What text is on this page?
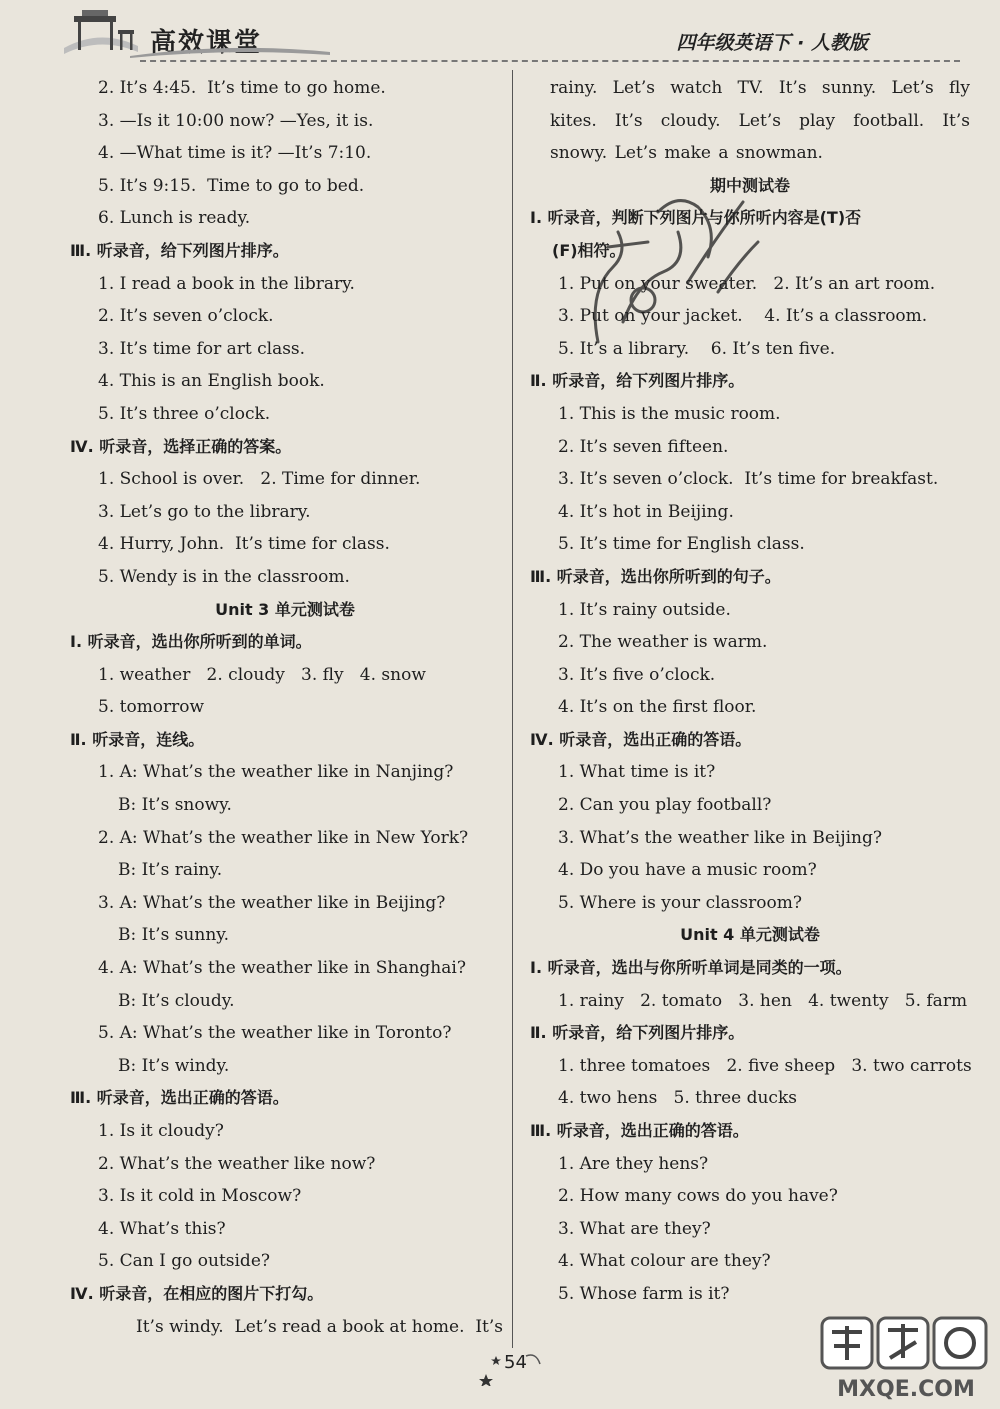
高效课堂	四年级英语下 · 人教版
2. It’s 4:45.  It’s time to go home.
3. —Is it 10:00 now? —Yes, it is.
4. —What time is it? —It’s 7:10.
5. It’s 9:15.  Time to go to bed.
6. Lunch is ready.
Ⅲ. 听录音，给下列图片排序。
1. I read a book in the library.
2. It’s seven o’clock.
3. It’s time for art class.
4. This is an English book.
5. It’s three o’clock.
Ⅳ. 听录音，选择正确的答案。
1. School is over.   2. Time for dinner.
3. Let’s go to the library.
4. Hurry, John.  It’s time for class.
5. Wendy is in the classroom.
Unit 3 单元测试卷
Ⅰ. 听录音，选出你所听到的单词。
1. weather   2. cloudy   3. fly   4. snow
5. tomorrow
Ⅱ. 听录音，连线。
1. A: What’s the weather like in Nanjing?
B: It’s snowy.
2. A: What’s the weather like in New York?
B: It’s rainy.
3. A: What’s the weather like in Beijing?
B: It’s sunny.
4. A: What’s the weather like in Shanghai?
B: It’s cloudy.
5. A: What’s the weather like in Toronto?
B: It’s windy.
Ⅲ. 听录音，选出正确的答语。
1. Is it cloudy?
2. What’s the weather like now?
3. Is it cold in Moscow?
4. What’s this?
5. Can I go outside?
Ⅳ. 听录音，在相应的图片下打勾。
It’s windy.  Let’s read a book at home.  It’s
rainy. Let’s watch TV. It’s sunny. Let’s fly
kites. It’s cloudy. Let’s play football. It’s
snowy. Let’s make a snowman.
期中测试卷
Ⅰ. 听录音，判断下列图片与你所听内容是(T)否
(F)相符。
1. Put on your sweater.   2. It’s an art room.
3. Put on your jacket.    4. It’s a classroom.
5. It’s a library.    6. It’s ten five.
Ⅱ. 听录音，给下列图片排序。
1. This is the music room.
2. It’s seven fifteen.
3. It’s seven o’clock.  It’s time for breakfast.
4. It’s hot in Beijing.
5. It’s time for English class.
Ⅲ. 听录音，选出你所听到的句子。
1. It’s rainy outside.
2. The weather is warm.
3. It’s five o’clock.
4. It’s on the first floor.
Ⅳ. 听录音，选出正确的答语。
1. What time is it?
2. Can you play football?
3. What’s the weather like in Beijing?
4. Do you have a music room?
5. Where is your classroom?
Unit 4 单元测试卷
Ⅰ. 听录音，选出与你所听单词是同类的一项。
1. rainy   2. tomato   3. hen   4. twenty   5. farm
Ⅱ. 听录音，给下列图片排序。
1. three tomatoes   2. five sheep   3. two carrots
4. two hens   5. three ducks
Ⅲ. 听录音，选出正确的答语。
1. Are they hens?
2. How many cows do you have?
3. What are they?
4. What colour are they?
5. Whose farm is it?
54
MXQE.COM
